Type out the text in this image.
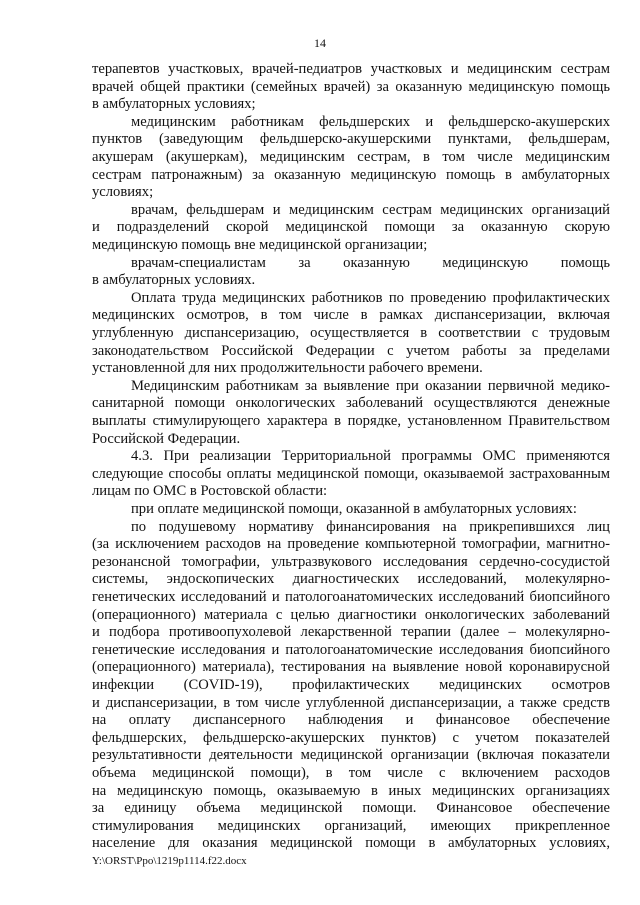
14
терапевтов участковых, врачей-педиатров участковых и медицинским сестрам
врачей общей практики (семейных врачей) за оказанную медицинскую помощь
в амбулаторных условиях;
медицинским работникам фельдшерских и фельдшерско-акушерских
пунктов (заведующим фельдшерско-акушерскими пунктами, фельдшерам,
акушерам (акушеркам), медицинским сестрам, в том числе медицинским
сестрам патронажным) за оказанную медицинскую помощь в амбулаторных
условиях;
врачам, фельдшерам и медицинским сестрам медицинских организаций
и подразделений скорой медицинской помощи за оказанную скорую
медицинскую помощь вне медицинской организации;
врачам-специалистам за оказанную медицинскую помощь
в амбулаторных условиях.
Оплата труда медицинских работников по проведению профилактических
медицинских осмотров, в том числе в рамках диспансеризации, включая
углубленную диспансеризацию, осуществляется в соответствии с трудовым
законодательством Российской Федерации с учетом работы за пределами
установленной для них продолжительности рабочего времени.
Медицинским работникам за выявление при оказании первичной медико-
санитарной помощи онкологических заболеваний осуществляются денежные
выплаты стимулирующего характера в порядке, установленном Правительством
Российской Федерации.
4.3. При реализации Территориальной программы ОМС применяются
следующие способы оплаты медицинской помощи, оказываемой застрахованным
лицам по ОМС в Ростовской области:
при оплате медицинской помощи, оказанной в амбулаторных условиях:
по подушевому нормативу финансирования на прикрепившихся лиц
(за исключением расходов на проведение компьютерной томографии, магнитно-
резонансной томографии, ультразвукового исследования сердечно-сосудистой
системы, эндоскопических диагностических исследований, молекулярно-
генетических исследований и патологоанатомических исследований биопсийного
(операционного) материала с целью диагностики онкологических заболеваний
и подбора противоопухолевой лекарственной терапии (далее – молекулярно-
генетические исследования и патологоанатомические исследования биопсийного
(операционного) материала), тестирования на выявление новой коронавирусной
инфекции (COVID-19), профилактических медицинских осмотров
и диспансеризации, в том числе углубленной диспансеризации, а также средств
на оплату диспансерного наблюдения и финансовое обеспечение
фельдшерских, фельдшерско-акушерских пунктов) с учетом показателей
результативности деятельности медицинской организации (включая показатели
объема медицинской помощи), в том числе с включением расходов
на медицинскую помощь, оказываемую в иных медицинских организациях
за единицу объема медицинской помощи. Финансовое обеспечение
стимулирования медицинских организаций, имеющих прикрепленное
население для оказания медицинской помощи в амбулаторных условиях,
Y:\ORST\Ppo\1219p1114.f22.docx
